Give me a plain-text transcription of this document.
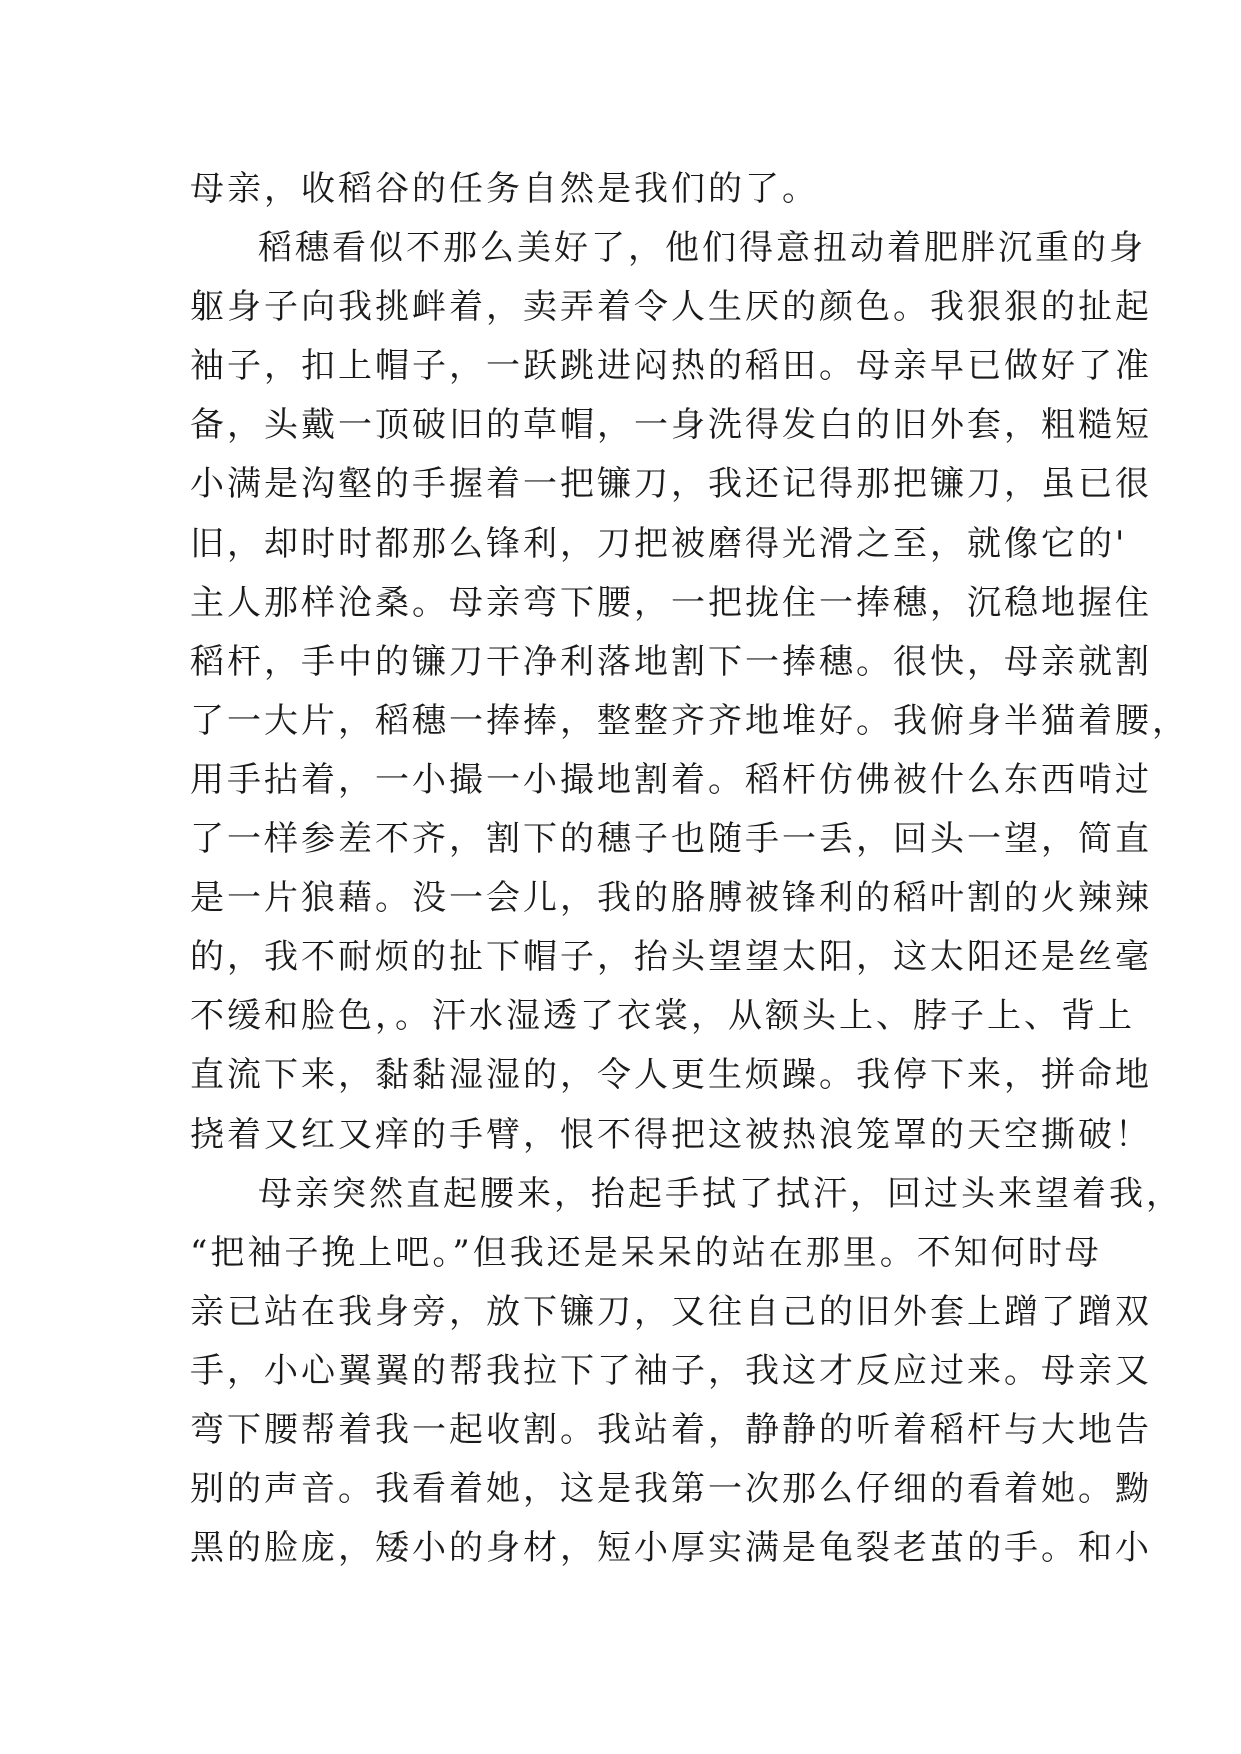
母亲，收稻谷的任务自然是我们的了。
稻穗看似不那么美好了，他们得意扭动着肥胖沉重的身
躯身子向我挑衅着，卖弄着令人生厌的颜色。我狠狠的扯起
袖子，扣上帽子，一跃跳进闷热的稻田。母亲早已做好了准
备，头戴一顶破旧的草帽，一身洗得发白的旧外套，粗糙短
小满是沟壑的手握着一把镰刀，我还记得那把镰刀，虽已很
旧，却时时都那么锋利，刀把被磨得光滑之至，就像它的'
主人那样沧桑。母亲弯下腰，一把拢住一捧穗，沉稳地握住
稻杆，手中的镰刀干净利落地割下一捧穗。很快，母亲就割
了一大片，稻穗一捧捧，整整齐齐地堆好。我俯身半猫着腰，
用手拈着，一小撮一小撮地割着。稻杆仿佛被什么东西啃过
了一样参差不齐，割下的穗子也随手一丢，回头一望，简直
是一片狼藉。没一会儿，我的胳膊被锋利的稻叶割的火辣辣
的，我不耐烦的扯下帽子，抬头望望太阳，这太阳还是丝毫
不缓和脸色，。汗水湿透了衣裳，从额头上、脖子上、背上
直流下来，黏黏湿湿的，令人更生烦躁。我停下来，拼命地
挠着又红又痒的手臂，恨不得把这被热浪笼罩的天空撕破！
母亲突然直起腰来，抬起手拭了拭汗，回过头来望着我，
“把袖子挽上吧。”但我还是呆呆的站在那里。不知何时母
亲已站在我身旁，放下镰刀，又往自己的旧外套上蹭了蹭双
手，小心翼翼的帮我拉下了袖子，我这才反应过来。母亲又
弯下腰帮着我一起收割。我站着，静静的听着稻杆与大地告
别的声音。我看着她，这是我第一次那么仔细的看着她。黝
黑的脸庞，矮小的身材，短小厚实满是龟裂老茧的手。和小
